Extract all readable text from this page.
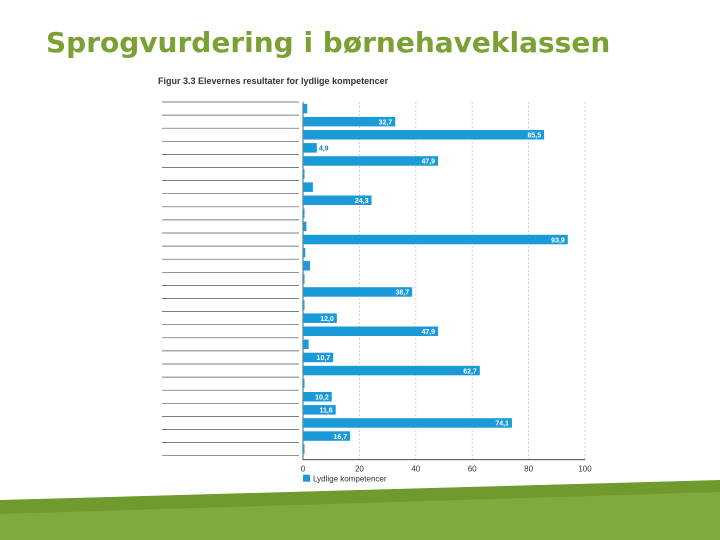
Sprogvurdering i børnehaveklassen
Figur 3.3 Elevernes resultater for lydlige kompetencer
32,7
85,5
4,9
47,9
24,3
93,9
38,7
12,0
47,9
10,7
62,7
10,2
11,6
74,1
16,7
0	20	40	60	80	100
Lydlige kompetencer
